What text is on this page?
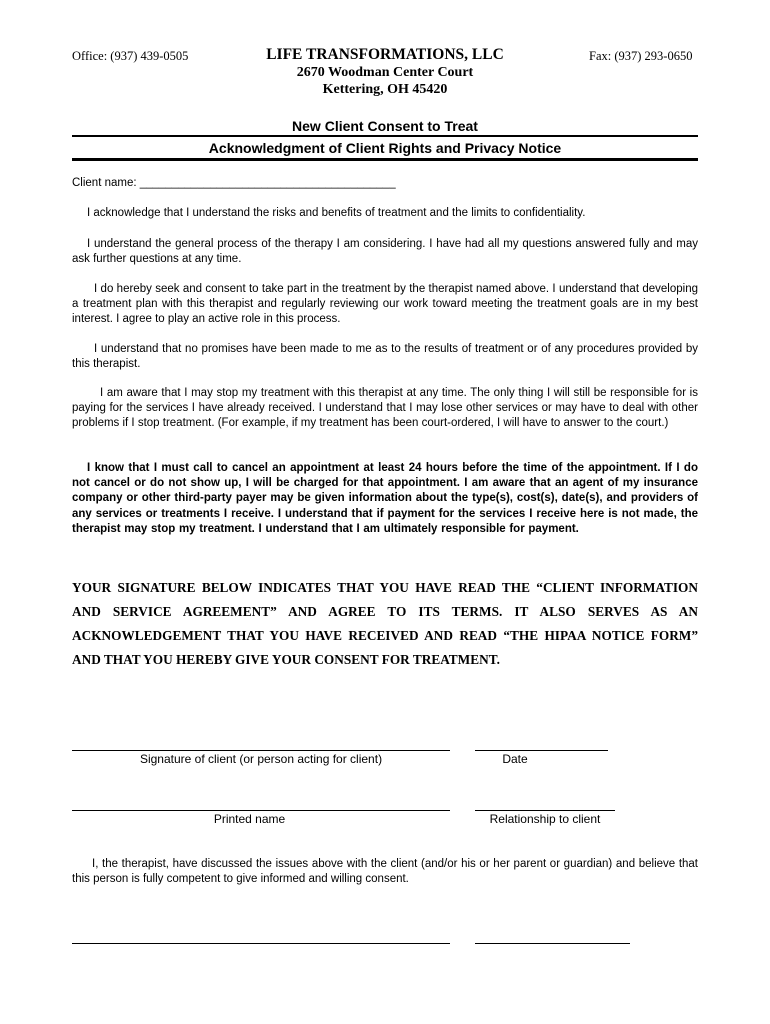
Office: (937) 439-0505	Fax: (937) 293-0650
LIFE TRANSFORMATIONS, LLC
2670 Woodman Center Court
Kettering, OH 45420
New Client Consent to Treat
Acknowledgment of Client Rights and Privacy Notice

Client name: ________________________________________

I acknowledge that I understand the risks and benefits of treatment and the limits to confidentiality.

I understand the general process of the therapy I am considering. I have had all my questions answered fully and may ask further questions at any time.

I do hereby seek and consent to take part in the treatment by the therapist named above. I understand that developing a treatment plan with this therapist and regularly reviewing our work toward meeting the treatment goals are in my best interest. I agree to play an active role in this process.

I understand that no promises have been made to me as to the results of treatment or of any procedures provided by this therapist.

I am aware that I may stop my treatment with this therapist at any time. The only thing I will still be responsible for is paying for the services I have already received. I understand that I may lose other services or may have to deal with other problems if I stop treatment. (For example, if my treatment has been court-ordered, I will have to answer to the court.)

I know that I must call to cancel an appointment at least 24 hours before the time of the appointment. If I do not cancel or do not show up, I will be charged for that appointment. I am aware that an agent of my insurance company or other third-party payer may be given information about the type(s), cost(s), date(s), and providers of any services or treatments I receive. I understand that if payment for the services I receive here is not made, the therapist may stop my treatment. I understand that I am ultimately responsible for payment.

YOUR SIGNATURE BELOW INDICATES THAT YOU HAVE READ THE “CLIENT INFORMATION AND SERVICE AGREEMENT” AND AGREE TO ITS TERMS. IT ALSO SERVES AS AN ACKNOWLEDGEMENT THAT YOU HAVE RECEIVED AND READ “THE HIPAA NOTICE FORM” AND THAT YOU HEREBY GIVE YOUR CONSENT FOR TREATMENT.

Signature of client (or person acting for client)	Date
Printed name	Relationship to client

I, the therapist, have discussed the issues above with the client (and/or his or her parent or guardian) and believe that this person is fully competent to give informed and willing consent.
